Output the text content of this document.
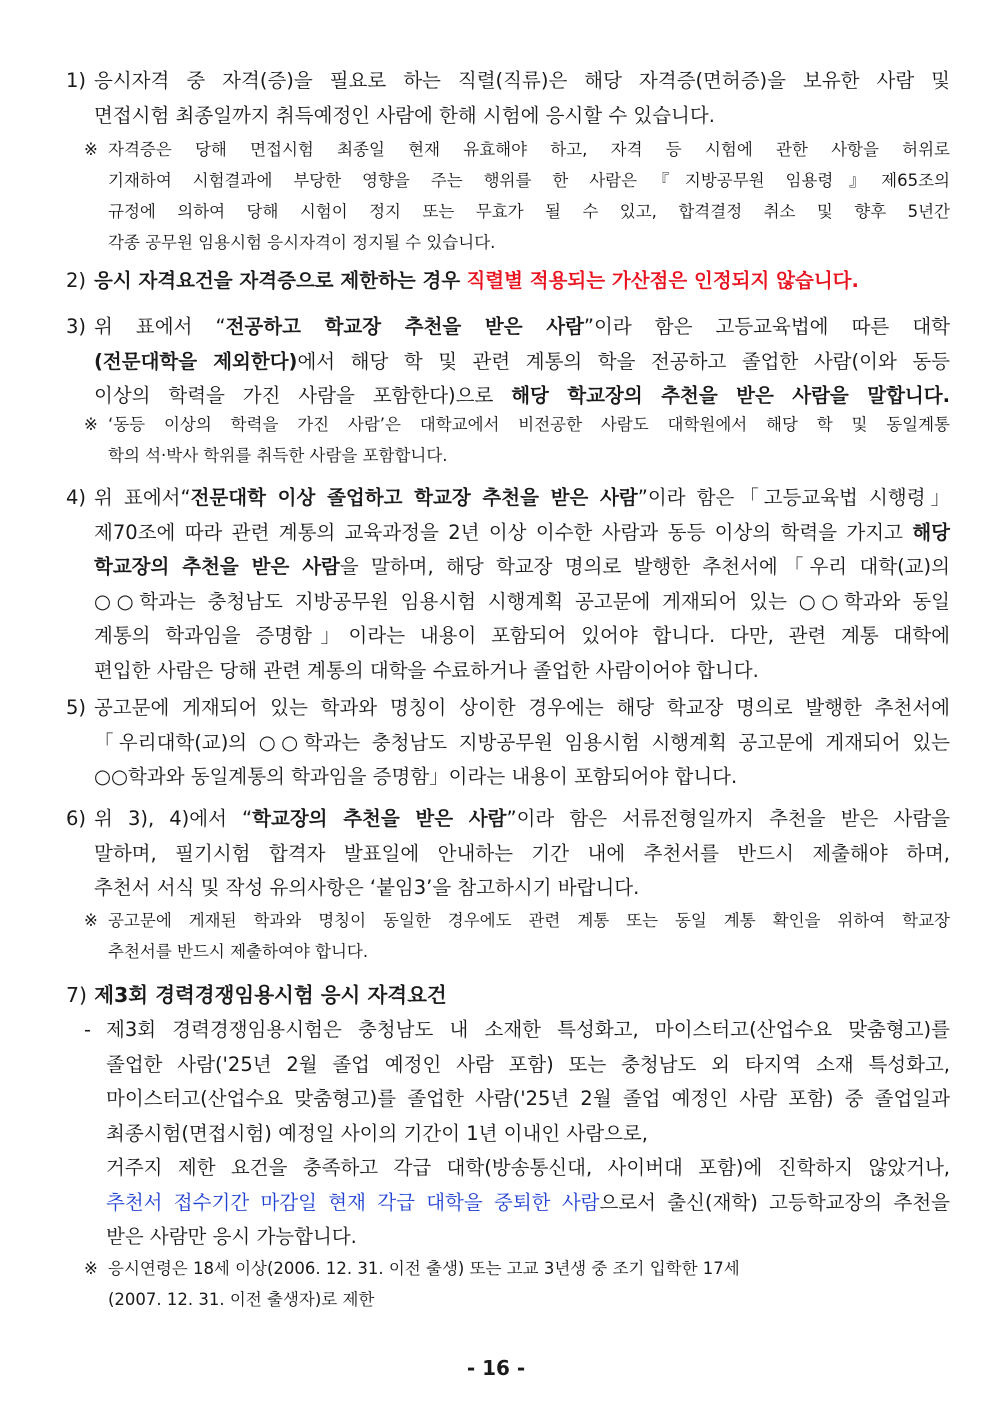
1) 응시자격 중 자격(증)을 필요로 하는 직렬(직류)은 해당 자격증(면허증)을 보유한 사람 및
면접시험 최종일까지 취득예정인 사람에 한해 시험에 응시할 수 있습니다.
※ 자격증은 당해 면접시험 최종일 현재 유효해야 하고, 자격 등 시험에 관한 사항을 허위로
기재하여 시험결과에 부당한 영향을 주는 행위를 한 사람은『지방공무원 임용령』제65조의
규정에 의하여 당해 시험이 정지 또는 무효가 될 수 있고, 합격결정 취소 및 향후 5년간
각종 공무원 임용시험 응시자격이 정지될 수 있습니다.
2) 응시 자격요건을 자격증으로 제한하는 경우 직렬별 적용되는 가산점은 인정되지 않습니다.
3) 위 표에서 “전공하고 학교장 추천을 받은 사람”이라 함은 고등교육법에 따른 대학
(전문대학을 제외한다)에서 해당 학 및 관련 계통의 학을 전공하고 졸업한 사람(이와 동등
이상의 학력을 가진 사람을 포함한다)으로 해당 학교장의 추천을 받은 사람을 말합니다.
※ ‘동등 이상의 학력을 가진 사람’은 대학교에서 비전공한 사람도 대학원에서 해당 학 및 동일계통
학의 석·박사 학위를 취득한 사람을 포함합니다.
4) 위 표에서“전문대학 이상 졸업하고 학교장 추천을 받은 사람”이라 함은「고등교육법 시행령」
제70조에 따라 관련 계통의 교육과정을 2년 이상 이수한 사람과 동등 이상의 학력을 가지고 해당
학교장의 추천을 받은 사람을 말하며, 해당 학교장 명의로 발행한 추천서에「우리 대학(교)의
○○학과는 충청남도 지방공무원 임용시험 시행계획 공고문에 게재되어 있는 ○○학과와 동일
계통의 학과임을 증명함」이라는 내용이 포함되어 있어야 합니다. 다만, 관련 계통 대학에
편입한 사람은 당해 관련 계통의 대학을 수료하거나 졸업한 사람이어야 합니다.
5) 공고문에 게재되어 있는 학과와 명칭이 상이한 경우에는 해당 학교장 명의로 발행한 추천서에
「우리대학(교)의 ○○학과는 충청남도 지방공무원 임용시험 시행계획 공고문에 게재되어 있는
○○학과와 동일계통의 학과임을 증명함」이라는 내용이 포함되어야 합니다.
6) 위 3), 4)에서 “학교장의 추천을 받은 사람”이라 함은 서류전형일까지 추천을 받은 사람을
말하며, 필기시험 합격자 발표일에 안내하는 기간 내에 추천서를 반드시 제출해야 하며,
추천서 서식 및 작성 유의사항은 ‘붙임3’을 참고하시기 바랍니다.
※ 공고문에 게재된 학과와 명칭이 동일한 경우에도 관련 계통 또는 동일 계통 확인을 위하여 학교장
추천서를 반드시 제출하여야 합니다.
7) 제3회 경력경쟁임용시험 응시 자격요건
- 제3회 경력경쟁임용시험은 충청남도 내 소재한 특성화고, 마이스터고(산업수요 맞춤형고)를
졸업한 사람('25년 2월 졸업 예정인 사람 포함) 또는 충청남도 외 타지역 소재 특성화고,
마이스터고(산업수요 맞춤형고)를 졸업한 사람('25년 2월 졸업 예정인 사람 포함) 중 졸업일과
최종시험(면접시험) 예정일 사이의 기간이 1년 이내인 사람으로,
거주지 제한 요건을 충족하고 각급 대학(방송통신대, 사이버대 포함)에 진학하지 않았거나,
추천서 접수기간 마감일 현재 각급 대학을 중퇴한 사람으로서 출신(재학) 고등학교장의 추천을
받은 사람만 응시 가능합니다.
※ 응시연령은 18세 이상(2006. 12. 31. 이전 출생) 또는 고교 3년생 중 조기 입학한 17세
(2007. 12. 31. 이전 출생자)로 제한
- 16 -
